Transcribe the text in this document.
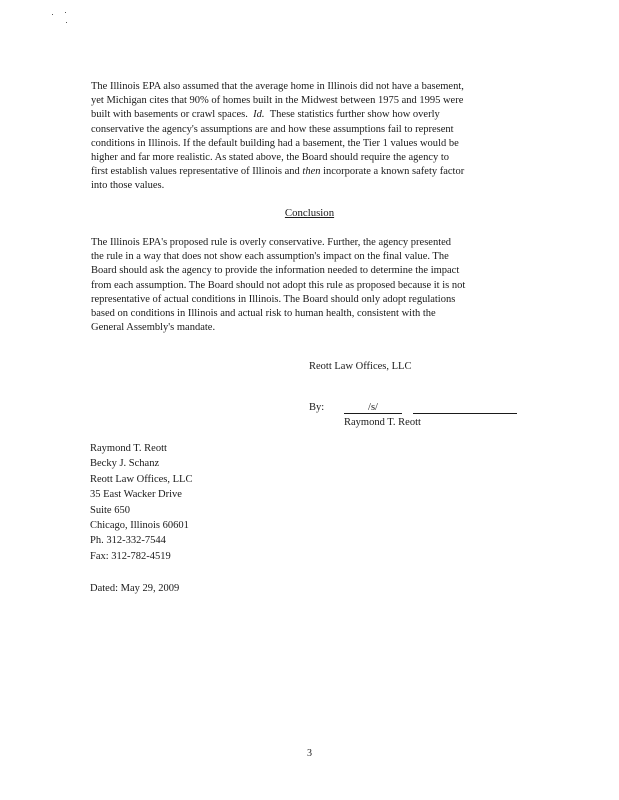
The Illinois EPA also assumed that the average home in Illinois did not have a basement,
yet Michigan cites that 90% of homes built in the Midwest between 1975 and 1995 were
built with basements or crawl spaces. Id. These statistics further show how overly
conservative the agency's assumptions are and how these assumptions fail to represent
conditions in Illinois. If the default building had a basement, the Tier 1 values would be
higher and far more realistic. As stated above, the Board should require the agency to
first establish values representative of Illinois and then incorporate a known safety factor
into those values.
Conclusion
The Illinois EPA's proposed rule is overly conservative. Further, the agency presented
the rule in a way that does not show each assumption's impact on the final value. The
Board should ask the agency to provide the information needed to determine the impact
from each assumption. The Board should not adopt this rule as proposed because it is not
representative of actual conditions in Illinois. The Board should only adopt regulations
based on conditions in Illinois and actual risk to human health, consistent with the
General Assembly's mandate.
Reott Law Offices, LLC
By:	/s/
Raymond T. Reott
Raymond T. Reott
Becky J. Schanz
Reott Law Offices, LLC
35 East Wacker Drive
Suite 650
Chicago, Illinois 60601
Ph. 312-332-7544
Fax: 312-782-4519
Dated: May 29, 2009
3
